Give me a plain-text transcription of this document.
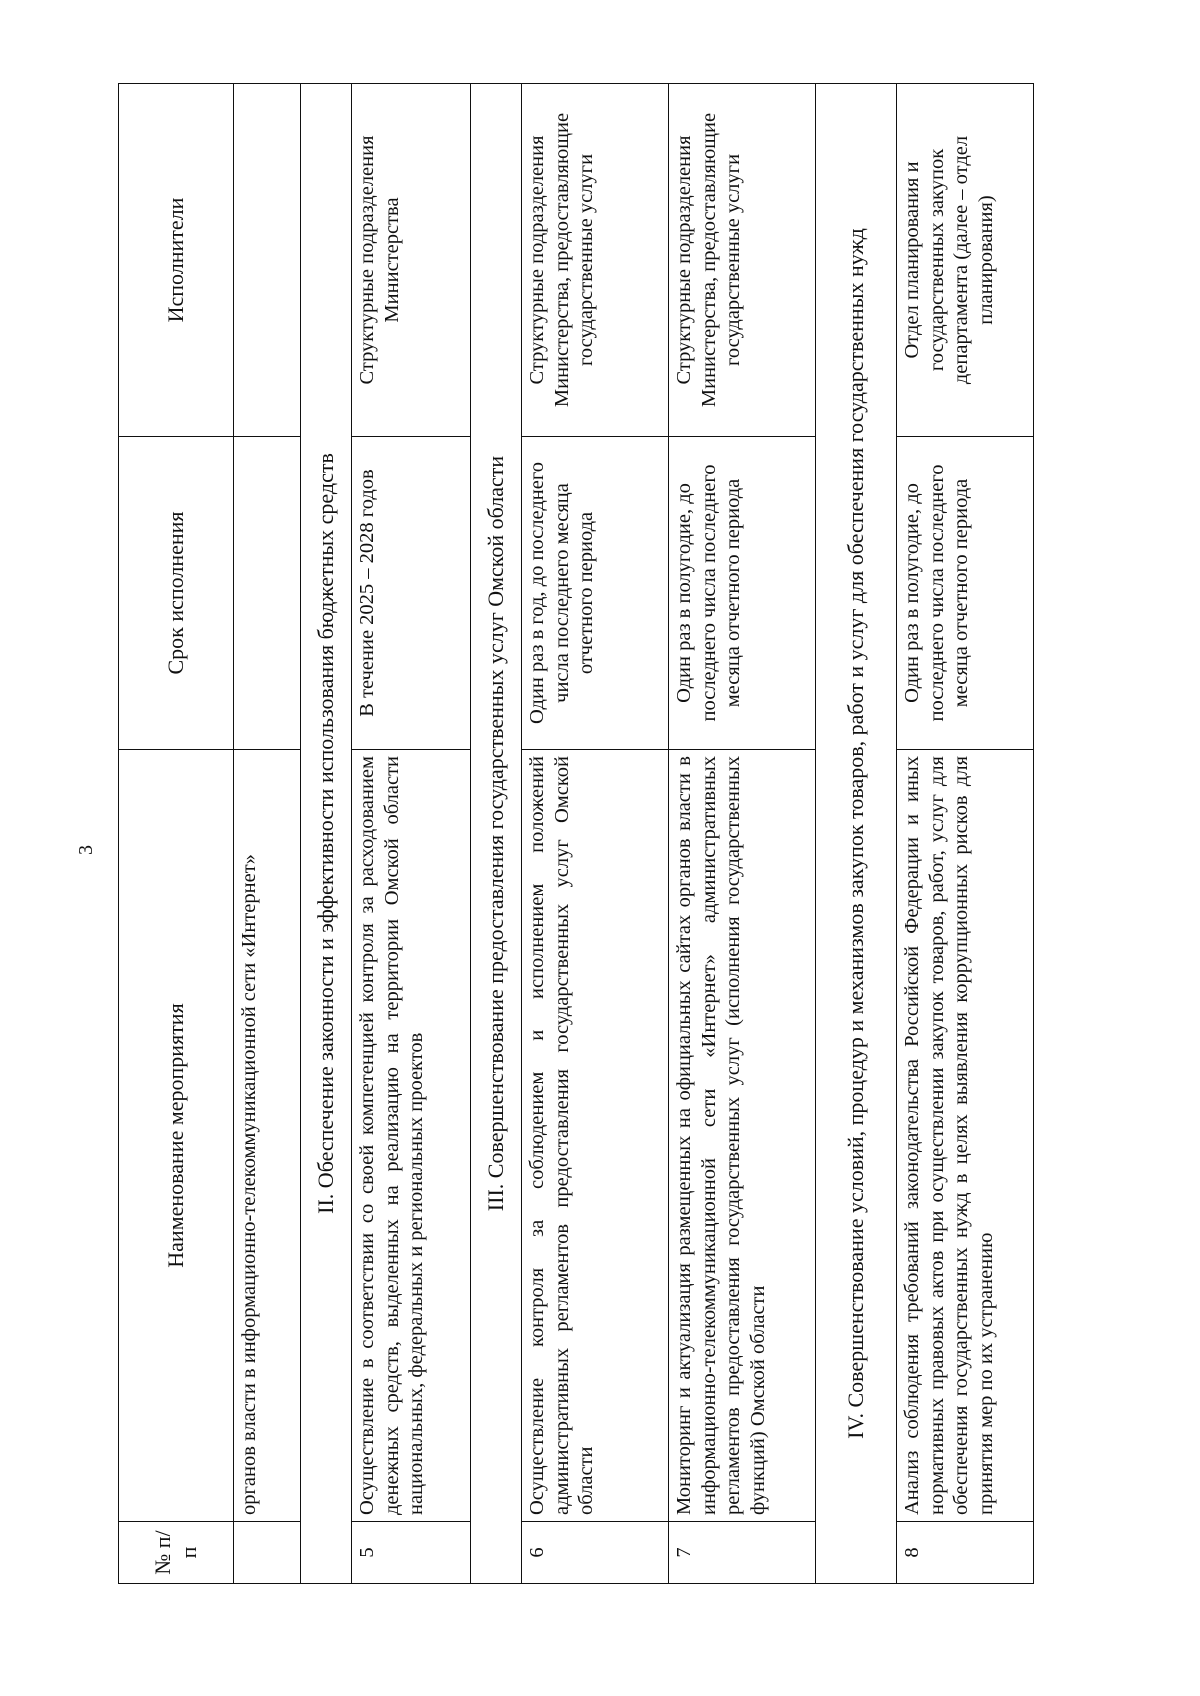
3
№ п/п	Наименование мероприятия	Срок исполнения	Исполнители
	органов власти в информационно-телекоммуникационной сети «Интернет»		
II. Обеспечение законности и эффективности использования бюджетных средств			
5	Осуществление в соответствии со своей компетенцией контроля за расходованием денежных средств, выделенных на реализацию на территории Омской области национальных, федеральных и региональных проектов	В течение 2025 – 2028 годов	Структурные подразделения Министерства
III. Совершенствование предоставления государственных услуг Омской области			
6	Осуществление контроля за соблюдением и исполнением положений административных регламентов предоставления государственных услуг Омской области	Один раз в год, до последнего числа последнего месяца отчетного периода	Структурные подразделения Министерства, предоставляющие государственные услуги
7	Мониторинг и актуализация размещенных на официальных сайтах органов власти в информационно-телекоммуникационной сети «Интернет» административных регламентов предоставления государственных услуг (исполнения государственных функций) Омской области	Один раз в полугодие, до последнего числа последнего месяца отчетного периода	Структурные подразделения Министерства, предоставляющие государственные услуги
IV. Совершенствование условий, процедур и механизмов закупок товаров, работ и услуг для обеспечения государственных нужд			
8	Анализ соблюдения требований законодательства Российской Федерации и иных нормативных правовых актов при осуществлении закупок товаров, работ, услуг для обеспечения государственных нужд в целях выявления коррупционных рисков для принятия мер по их устранению	Один раз в полугодие, до последнего числа последнего месяца отчетного периода	Отдел планирования и государственных закупок департамента (далее – отдел планирования)
